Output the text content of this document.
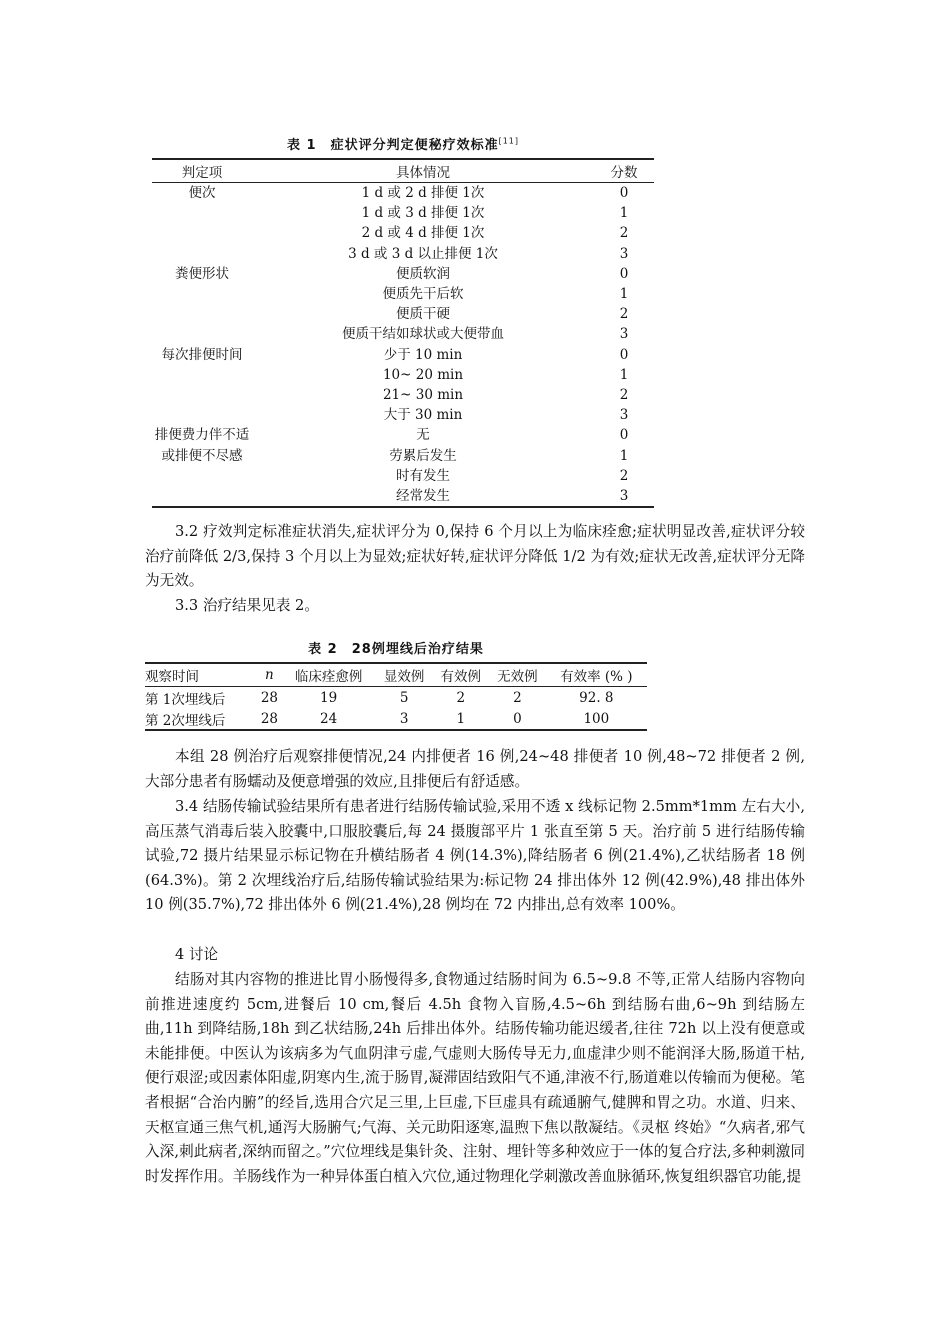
表 1　症状评分判定便秘疗效标准[11]
判定项	具体情况	分数
便次	1 d 或 2 d 排便 1次	0
	1 d 或 3 d 排便 1次	1
	2 d 或 4 d 排便 1次	2
	3 d 或 3 d 以止排便 1次	3
粪便形状	便质软润	0
	便质先干后软	1
	便质干硬	2
	便质干结如球状或大便带血	3
每次排便时间	少于 10 min	0
	10~ 20 min	1
	21~ 30 min	2
	大于 30 min	3
排便费力伴不适	无	0
或排便不尽感	劳累后发生	1
	时有发生	2
	经常发生	3

3.2 疗效判定标准症状消失,症状评分为 0,保持 6 个月以上为临床痊愈;症状明显改善,症状评分较治疗前降低 2/3,保持 3 个月以上为显效;症状好转,症状评分降低 1/2 为有效;症状无改善,症状评分无降为无效。

3.3 治疗结果见表 2。

表 2　28例埋线后治疗结果
观察时间	n	临床痊愈例	显效例	有效例	无效例	有效率 (% )
第 1次埋线后	28	19	5	2	2	92. 8
第 2次埋线后	28	24	3	1	0	100

本组 28 例治疗后观察排便情况,24 内排便者 16 例,24~48 排便者 10 例,48~72 排便者 2 例,大部分患者有肠蠕动及便意增强的效应,且排便后有舒适感。

3.4 结肠传输试验结果所有患者进行结肠传输试验,采用不透 x 线标记物 2.5mm*1mm 左右大小,高压蒸气消毒后装入胶囊中,口服胶囊后,每 24 摄腹部平片 1 张直至第 5 天。治疗前 5 进行结肠传输试验,72 摄片结果显示标记物在升横结肠者 4 例(14.3%),降结肠者 6 例(21.4%),乙状结肠者 18 例(64.3%)。第 2 次埋线治疗后,结肠传输试验结果为:标记物 24 排出体外 12 例(42.9%),48 排出体外 10 例(35.7%),72 排出体外 6 例(21.4%),28 例均在 72 内排出,总有效率 100%。

4 讨论

结肠对其内容物的推进比胃小肠慢得多,食物通过结肠时间为 6.5~9.8 不等,正常人结肠内容物向前推进速度约 5cm,进餐后 10 cm,餐后 4.5h 食物入盲肠,4.5~6h 到结肠右曲,6~9h 到结肠左曲,11h 到降结肠,18h 到乙状结肠,24h 后排出体外。结肠传输功能迟缓者,往往 72h 以上没有便意或未能排便。中医认为该病多为气血阴津亏虚,气虚则大肠传导无力,血虚津少则不能润泽大肠,肠道干枯,便行艰涩;或因素体阳虚,阴寒内生,流于肠胃,凝滞固结致阳气不通,津液不行,肠道难以传输而为便秘。笔者根据“合治内腑”的经旨,选用合穴足三里,上巨虚,下巨虚具有疏通腑气,健脾和胃之功。水道、归来、天枢宣通三焦气机,通泻大肠腑气;气海、关元助阳逐寒,温煦下焦以散凝结。《灵枢 终始》“久病者,邪气入深,刺此病者,深纳而留之。”穴位埋线是集针灸、注射、埋针等多种效应于一体的复合疗法,多种刺激同时发挥作用。羊肠线作为一种异体蛋白植入穴位,通过物理化学刺激改善血脉循环,恢复组织器官功能,提
